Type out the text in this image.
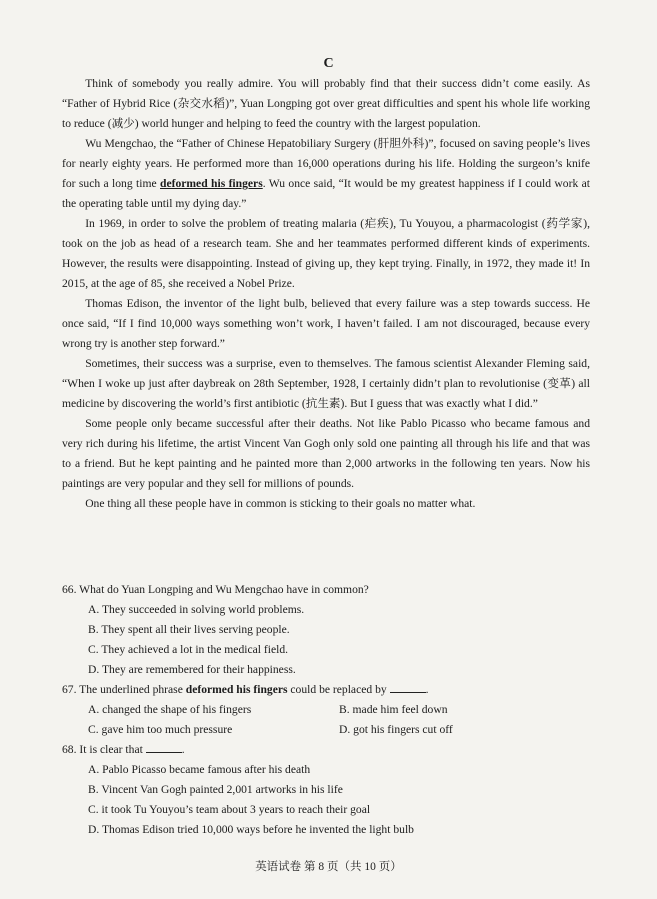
C

Think of somebody you really admire. You will probably find that their success didn’t come easily. As “Father of Hybrid Rice (杂交水稻)”, Yuan Longping got over great difficulties and spent his whole life working to reduce (减少) world hunger and helping to feed the country with the largest population.

Wu Mengchao, the “Father of Chinese Hepatobiliary Surgery (肝胆外科)”, focused on saving people’s lives for nearly eighty years. He performed more than 16,000 operations during his life. Holding the surgeon’s knife for such a long time deformed his fingers. Wu once said, “It would be my greatest happiness if I could work at the operating table until my dying day.”

In 1969, in order to solve the problem of treating malaria (疟疾), Tu Youyou, a pharmacologist (药学家), took on the job as head of a research team. She and her teammates performed different kinds of experiments. However, the results were disappointing. Instead of giving up, they kept trying. Finally, in 1972, they made it! In 2015, at the age of 85, she received a Nobel Prize.

Thomas Edison, the inventor of the light bulb, believed that every failure was a step towards success. He once said, “If I find 10,000 ways something won’t work, I haven’t failed. I am not discouraged, because every wrong try is another step forward.”

Sometimes, their success was a surprise, even to themselves. The famous scientist Alexander Fleming said, “When I woke up just after daybreak on 28th September, 1928, I certainly didn’t plan to revolutionise (变革) all medicine by discovering the world’s first antibiotic (抗生素). But I guess that was exactly what I did.”

Some people only became successful after their deaths. Not like Pablo Picasso who became famous and very rich during his lifetime, the artist Vincent Van Gogh only sold one painting all through his life and that was to a friend. But he kept painting and he painted more than 2,000 artworks in the following ten years. Now his paintings are very popular and they sell for millions of pounds.

One thing all these people have in common is sticking to their goals no matter what.

66. What do Yuan Longping and Wu Mengchao have in common?

A. They succeeded in solving world problems.

B. They spent all their lives serving people.

C. They achieved a lot in the medical field.

D. They are remembered for their happiness.

67. The underlined phrase deformed his fingers could be replaced by	.

A. changed the shape of his fingers	B. made him feel down
C. gave him too much pressure	D. got his fingers cut off

68. It is clear that	.

A. Pablo Picasso became famous after his death

B. Vincent Van Gogh painted 2,001 artworks in his life

C. it took Tu Youyou’s team about 3 years to reach their goal

D. Thomas Edison tried 10,000 ways before he invented the light bulb

英语试卷 第 8 页（共 10 页）
